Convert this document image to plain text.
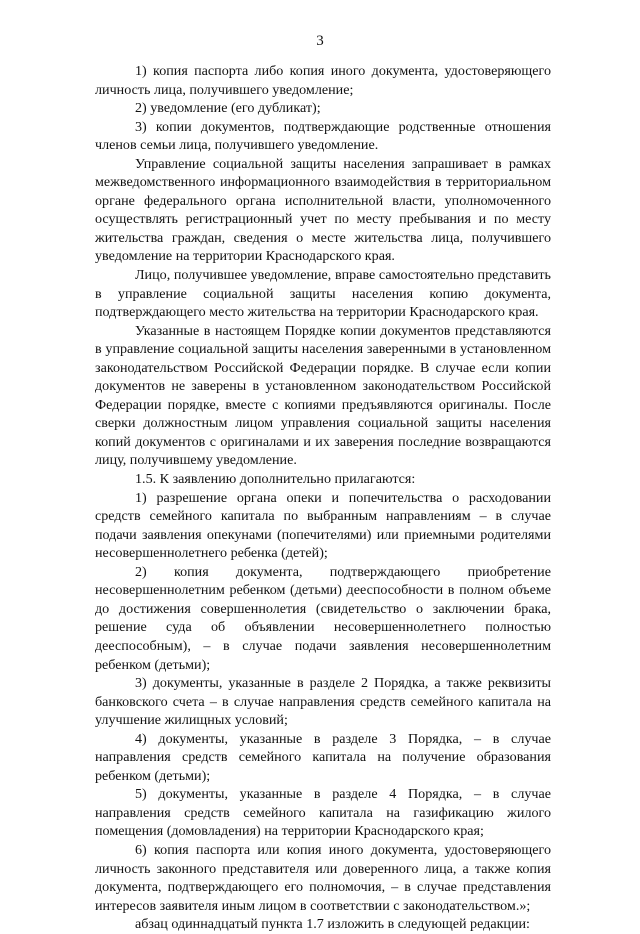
3

1) копия паспорта либо копия иного документа, удостоверяющего личность лица, получившего уведомление;

2) уведомление (его дубликат);

3) копии документов, подтверждающие родственные отношения членов семьи лица, получившего уведомление.

Управление социальной защиты населения запрашивает в рамках межведомственного информационного взаимодействия в территориальном органе федерального органа исполнительной власти, уполномоченного осуществлять регистрационный учет по месту пребывания и по месту жительства граждан, сведения о месте жительства лица, получившего уведомление на территории Краснодарского края.

Лицо, получившее уведомление, вправе самостоятельно представить в управление социальной защиты населения копию документа, подтверждающего место жительства на территории Краснодарского края.

Указанные в настоящем Порядке копии документов представляются в управление социальной защиты населения заверенными в установленном законодательством Российской Федерации порядке. В случае если копии документов не заверены в установленном законодательством Российской Федерации порядке, вместе с копиями предъявляются оригиналы. После сверки должностным лицом управления социальной защиты населения копий документов с оригиналами и их заверения последние возвращаются лицу, получившему уведомление.

1.5. К заявлению дополнительно прилагаются:

1) разрешение органа опеки и попечительства о расходовании средств семейного капитала по выбранным направлениям – в случае подачи заявления опекунами (попечителями) или приемными родителями несовершеннолетнего ребенка (детей);

2) копия документа, подтверждающего приобретение несовершеннолетним ребенком (детьми) дееспособности в полном объеме до достижения совершеннолетия (свидетельство о заключении брака, решение суда об объявлении несовершеннолетнего полностью дееспособным), – в случае подачи заявления несовершеннолетним ребенком (детьми);

3) документы, указанные в разделе 2 Порядка, а также реквизиты банковского счета – в случае направления средств семейного капитала на улучшение жилищных условий;

4) документы, указанные в разделе 3 Порядка, – в случае направления средств семейного капитала на получение образования ребенком (детьми);

5) документы, указанные в разделе 4 Порядка, – в случае направления средств семейного капитала на газификацию жилого помещения (домовладения) на территории Краснодарского края;

6) копия паспорта или копия иного документа, удостоверяющего личность законного представителя или доверенного лица, а также копия документа, подтверждающего его полномочия, – в случае представления интересов заявителя иным лицом в соответствии с законодательством.»;

абзац одиннадцатый пункта 1.7 изложить в следующей редакции:
